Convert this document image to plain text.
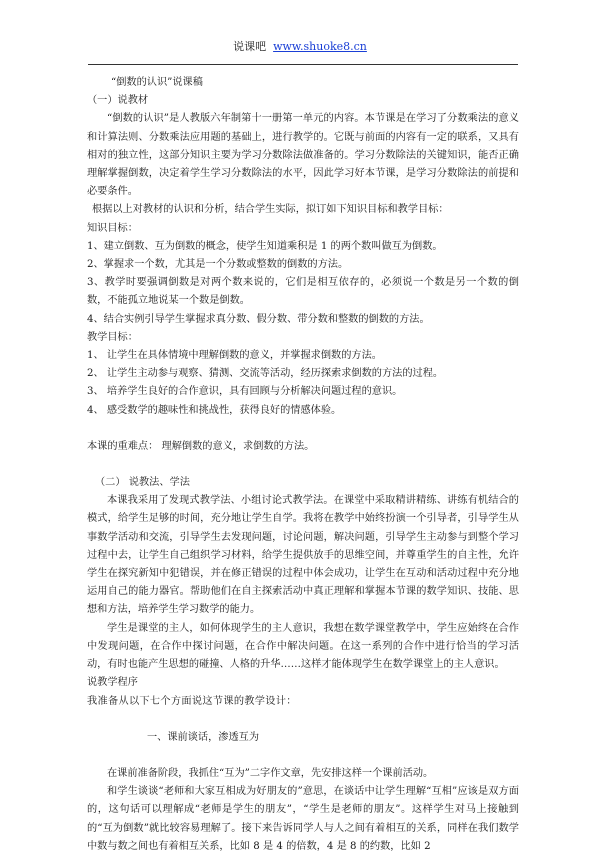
说课吧 www.shuoke8.cn

“倒数的认识”说课稿

（一）说教材

“倒数的认识”是人教版六年制第十一册第一单元的内容。本节课是在学习了分数乘法的意义和计算法则、分数乘法应用题的基础上，进行教学的。它既与前面的内容有一定的联系，又具有相对的独立性，这部分知识主要为学习分数除法做准备的。学习分数除法的关键知识，能否正确理解掌握倒数，决定着学生学习分数除法的水平，因此学习好本节课，是学习分数除法的前提和必要条件。

根据以上对教材的认识和分析，结合学生实际，拟订如下知识目标和教学目标：

知识目标：

1、建立倒数、互为倒数的概念，使学生知道乘积是 1 的两个数叫做互为倒数。

2、掌握求一个数，尤其是一个分数或整数的倒数的方法。

3、教学时要强调倒数是对两个数来说的，它们是相互依存的，必须说一个数是另一个数的倒数，不能孤立地说某一个数是倒数。

4、结合实例引导学生掌握求真分数、假分数、带分数和整数的倒数的方法。

教学目标：

1、 让学生在具体情境中理解倒数的意义，并掌握求倒数的方法。

2、 让学生主动参与观察、猜测、交流等活动，经历探索求倒数的方法的过程。

3、 培养学生良好的合作意识，具有回顾与分析解决问题过程的意识。

4、 感受数学的趣味性和挑战性，获得良好的情感体验。

本课的重难点： 理解倒数的意义，求倒数的方法。

（二） 说教法、学法

本课我采用了发现式教学法、小组讨论式教学法。在课堂中采取精讲精练、讲练有机结合的模式，给学生足够的时间，充分地让学生自学。我将在教学中始终扮演一个引导者，引导学生从事数学活动和交流，引导学生去发现问题，讨论问题，解决问题，引导学生主动参与到整个学习过程中去，让学生自己组织学习材料，给学生提供放手的思维空间，并尊重学生的自主性，允许学生在探究新知中犯错误，并在修正错误的过程中体会成功，让学生在互动和活动过程中充分地运用自己的能力器官。帮助他们在自主探索活动中真正理解和掌握本节课的数学知识、技能、思想和方法，培养学生学习数学的能力。

学生是课堂的主人，如何体现学生的主人意识，我想在数学课堂教学中，学生应始终在合作中发现问题，在合作中探讨问题，在合作中解决问题。在这一系列的合作中进行恰当的学习活动，有时也能产生思想的碰撞、人格的升华……这样才能体现学生在数学课堂上的主人意识。

说教学程序

我准备从以下七个方面说这节课的教学设计：

一、课前谈话，渗透互为

在课前准备阶段，我抓住“互为”二字作文章，先安排这样一个课前活动。

和学生谈谈“老师和大家互相成为好朋友的”意思，在谈话中让学生理解“互相”应该是双方面的，这句话可以理解成“老师是学生的朋友”，“学生是老师的朋友”。这样学生对马上接触到的“互为倒数”就比较容易理解了。接下来告诉同学人与人之间有着相互的关系，同样在我们数学中数与数之间也有着相互关系，比如 8 是 4 的倍数，4 是 8 的约数，比如 2
